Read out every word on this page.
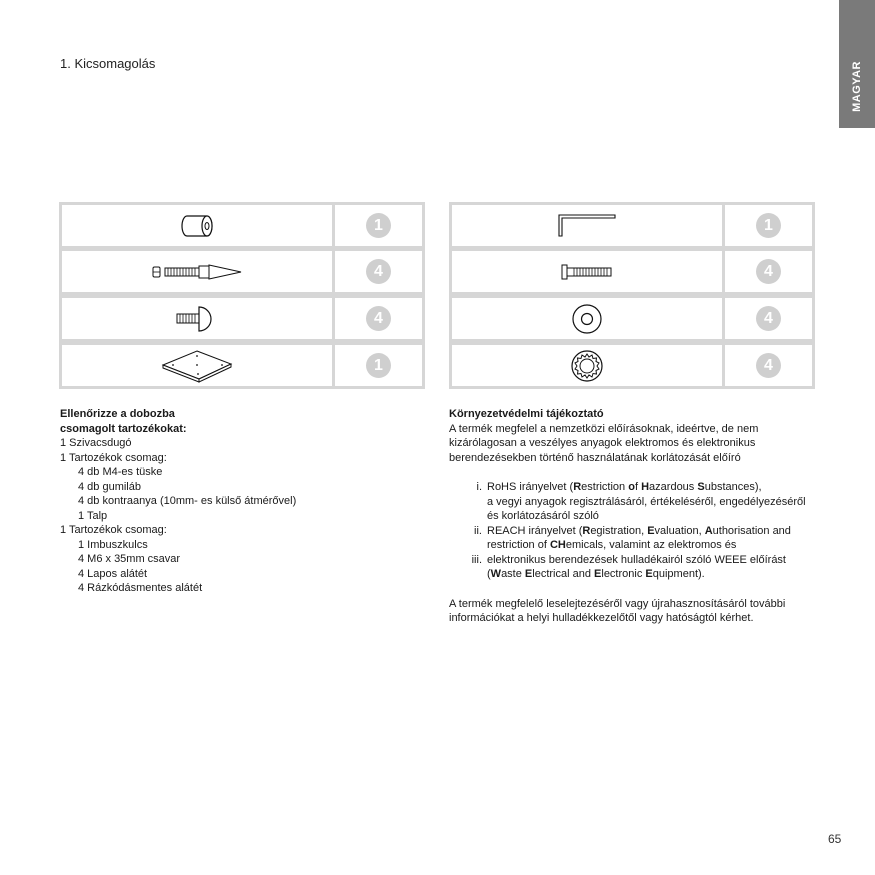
1. Kicsomagolás	MAGYAR
1
4
4
1
1
4
4
4
Ellenőrizze a dobozba
csomagolt tartozékokat:
1 Szivacsdugó
1 Tartozékok csomag:
4 db M4-es tüske
4 db gumiláb
4 db kontraanya (10mm- es külső átmérővel)
1 Talp
1 Tartozékok csomag:
1 Imbuszkulcs
4 M6 x 35mm csavar
4 Lapos alátét
4 Rázkódásmentes alátét
Környezetvédelmi tájékoztató
A termék megfelel a nemzetközi előírásoknak, ideértve, de nem kizárólagosan a veszélyes anyagok elektromos és elektronikus berendezésekben történő használatának korlátozását előíró
i. RoHS irányelvet (Restriction of Hazardous Substances),
a vegyi anyagok regisztrálásáról, értékeléséről, engedélyezéséről és korlátozásáról szóló
ii. REACH irányelvet (Registration, Evaluation, Authorisation and restriction of CHemicals, valamint az elektromos és
iii. elektronikus berendezések hulladékairól szóló WEEE előírást (Waste Electrical and Electronic Equipment).
A termék megfelelő leselejtezéséről vagy újrahasznosításáról további információkat a helyi hulladékkezelőtől vagy hatóságtól kérhet.
65
